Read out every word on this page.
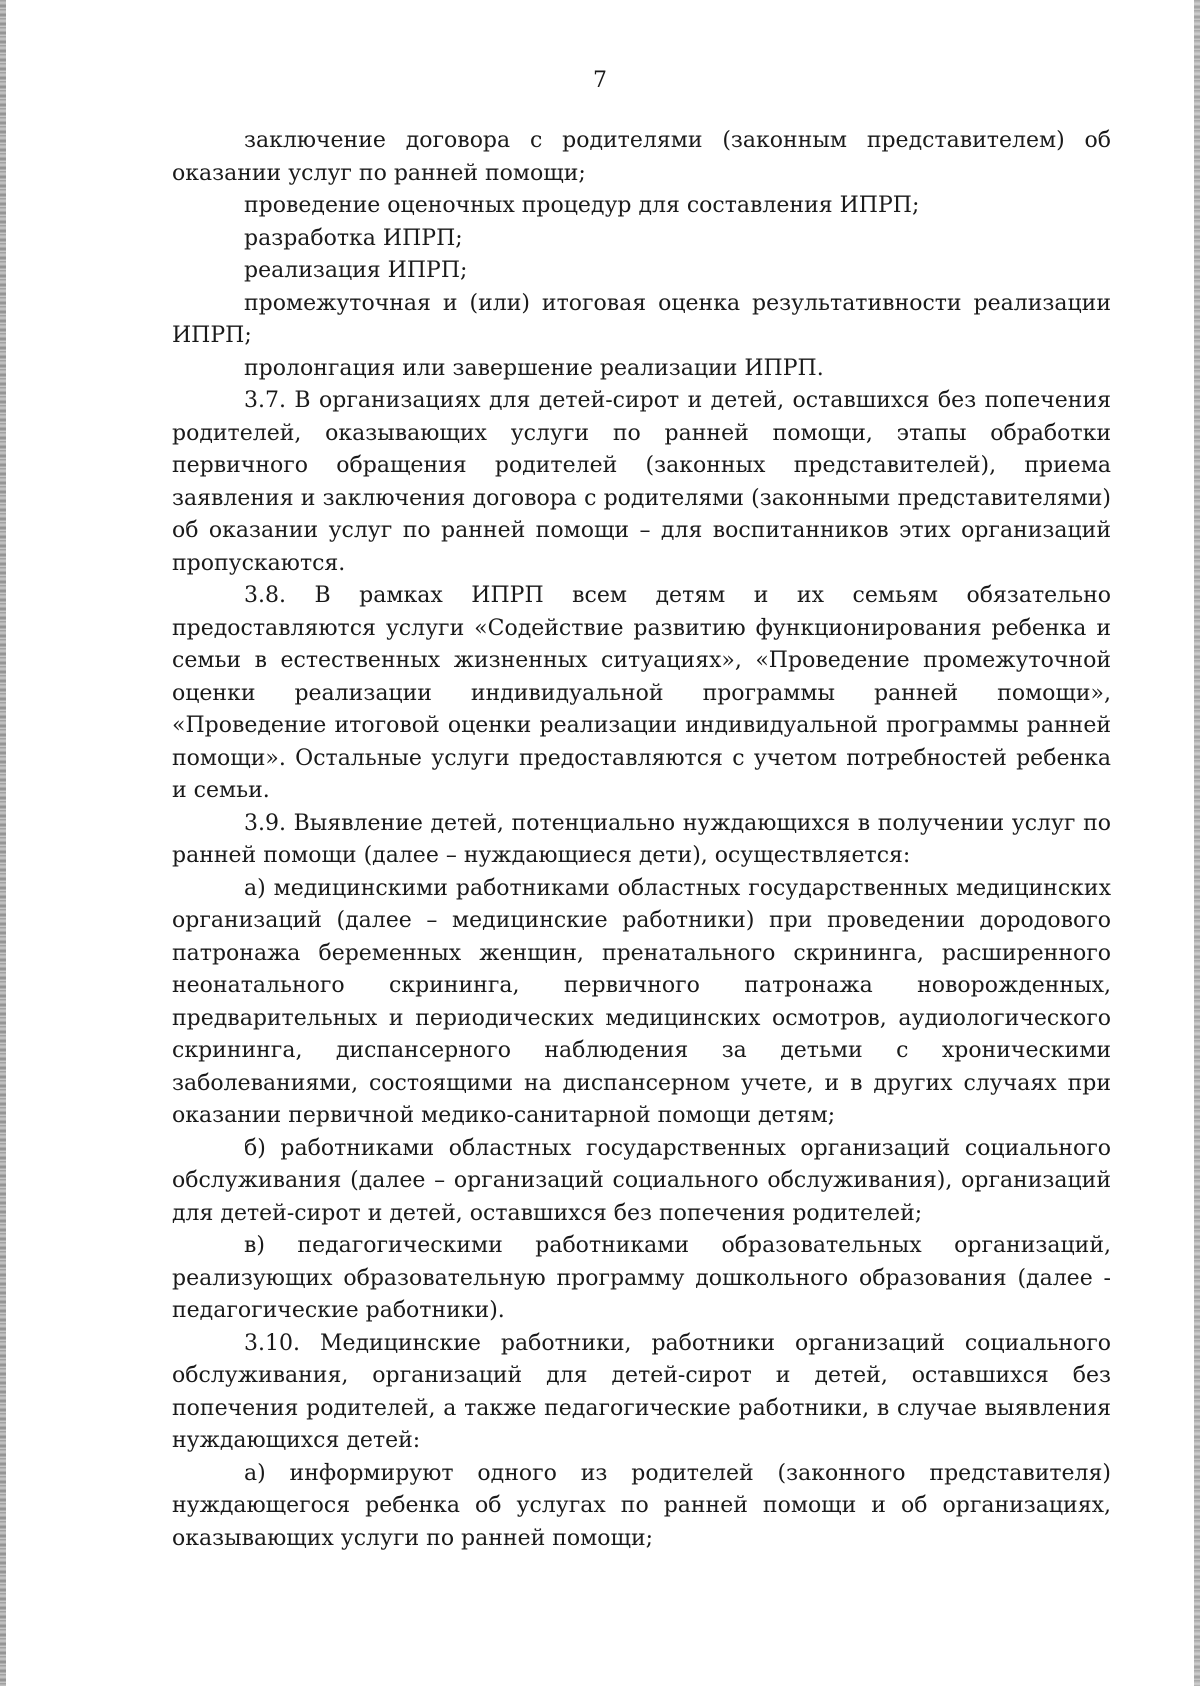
7

заключение договора с родителями (законным представителем) об оказании услуг по ранней помощи;

проведение оценочных процедур для составления ИПРП;

разработка ИПРП;

реализация ИПРП;

промежуточная и (или) итоговая оценка результативности реализации ИПРП;

пролонгация или завершение реализации ИПРП.

3.7. В организациях для детей-сирот и детей, оставшихся без попечения родителей, оказывающих услуги по ранней помощи, этапы обработки первичного обращения родителей (законных представителей), приема заявления и заключения договора с родителями (законными представителями) об оказании услуг по ранней помощи – для воспитанников этих организаций пропускаются.

3.8. В рамках ИПРП всем детям и их семьям обязательно предоставляются услуги «Содействие развитию функционирования ребенка и семьи в естественных жизненных ситуациях», «Проведение промежуточной оценки реализации индивидуальной программы ранней помощи», «Проведение итоговой оценки реализации индивидуальной программы ранней помощи». Остальные услуги предоставляются с учетом потребностей ребенка и семьи.

3.9. Выявление детей, потенциально нуждающихся в получении услуг по ранней помощи (далее – нуждающиеся дети), осуществляется:

а) медицинскими работниками областных государственных медицинских организаций (далее – медицинские работники) при проведении дородового патронажа беременных женщин, пренатального скрининга, расширенного неонатального скрининга, первичного патронажа новорожденных, предварительных и периодических медицинских осмотров, аудиологического скрининга, диспансерного наблюдения за детьми с хроническими заболеваниями, состоящими на диспансерном учете, и в других случаях при оказании первичной медико-санитарной помощи детям;

б) работниками областных государственных организаций социального обслуживания (далее – организаций социального обслуживания), организаций для детей-сирот и детей, оставшихся без попечения родителей;

в) педагогическими работниками образовательных организаций, реализующих образовательную программу дошкольного образования (далее - педагогические работники).

3.10. Медицинские работники, работники организаций социального обслуживания, организаций для детей-сирот и детей, оставшихся без попечения родителей, а также педагогические работники, в случае выявления нуждающихся детей:

а) информируют одного из родителей (законного представителя) нуждающегося ребенка об услугах по ранней помощи и об организациях, оказывающих услуги по ранней помощи;
